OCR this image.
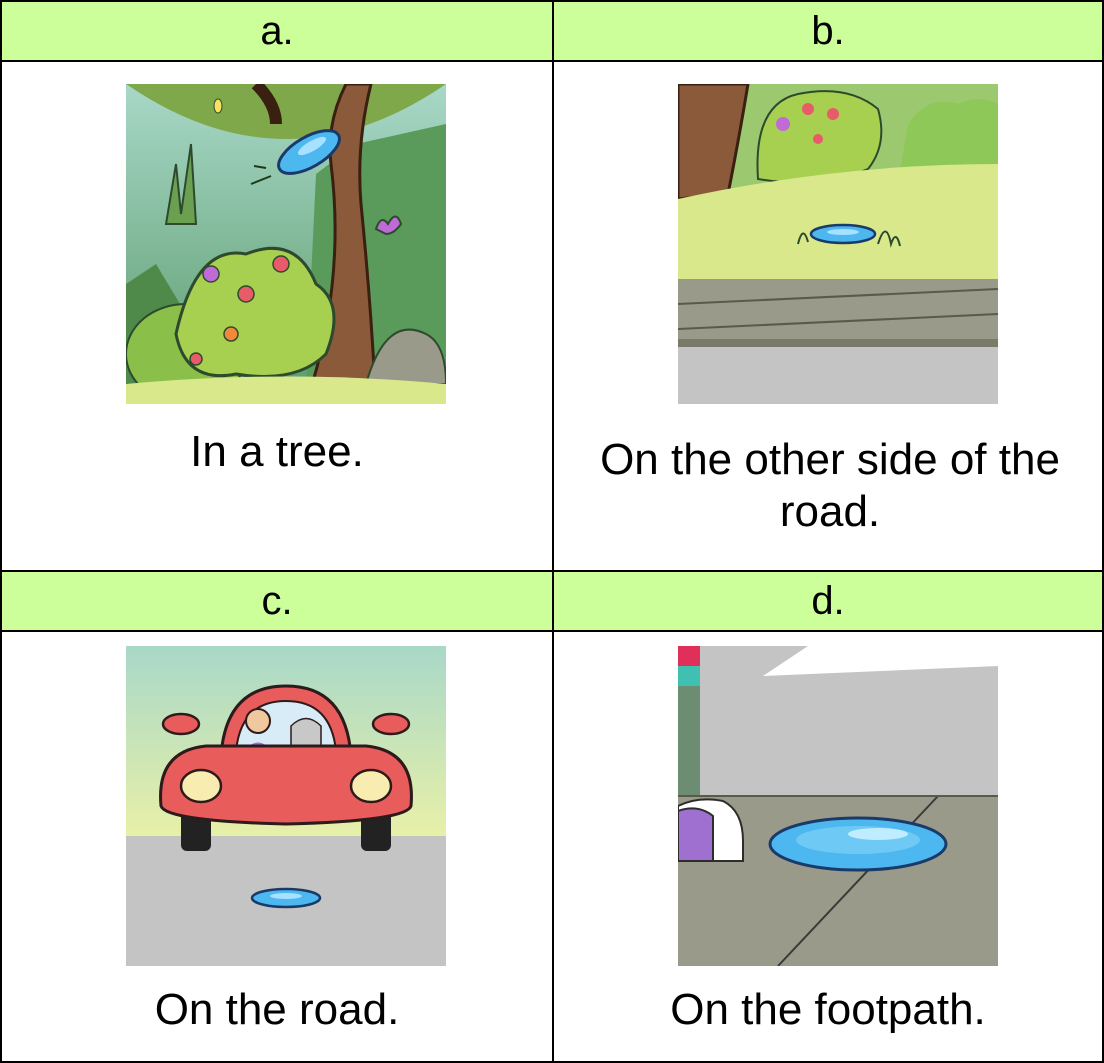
a.	b.
In a tree.	On the other side of the road.
c.	d.
On the road.	On the footpath.
